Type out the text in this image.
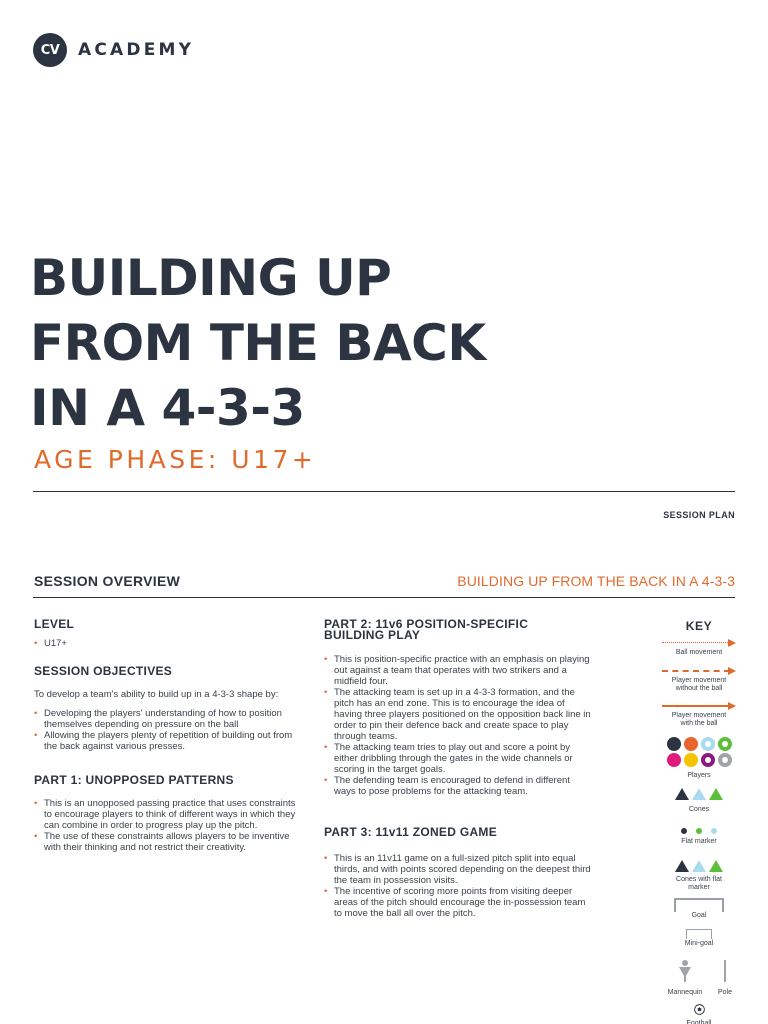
CV	ACADEMY
BUILDING UP
FROM THE BACK
IN A 4-3-3
AGE PHASE: U17+
SESSION PLAN
SESSION OVERVIEW	BUILDING UP FROM THE BACK IN A 4-3-3
LEVEL
• U17+
SESSION OBJECTIVES

To develop a team's ability to build up in a 4-3-3 shape by:

• Developing the players' understanding of how to position themselves depending on pressure on the ball
• Allowing the players plenty of repetition of building out from the back against various presses.
PART 1: UNOPPOSED PATTERNS
• This is an unopposed passing practice that uses constraints to encourage players to think of different ways in which they can combine in order to progress play up the pitch.
• The use of these constraints allows players to be inventive with their thinking and not restrict their creativity.
PART 2: 11v6 POSITION-SPECIFIC BUILDING PLAY
• This is position-specific practice with an emphasis on playing out against a team that operates with two strikers and a midfield four.
• The attacking team is set up in a 4-3-3 formation, and the pitch has an end zone. This is to encourage the idea of having three players positioned on the opposition back line in order to pin their defence back and create space to play through teams.
• The attacking team tries to play out and score a point by either dribbling through the gates in the wide channels or scoring in the target goals.
• The defending team is encouraged to defend in different ways to pose problems for the attacking team.
PART 3: 11v11 ZONED GAME
• This is an 11v11 game on a full-sized pitch split into equal thirds, and with points scored depending on the deepest third the team in possession visits.
• The incentive of scoring more points from visiting deeper areas of the pitch should encourage the in-possession team to move the ball all over the pitch.
KEY
Ball movement
Player movement without the ball
Player movement with the ball
Players
Cones
Flat marker
Cones with flat marker
Goal
Mini-goal
Mannequin	Pole
Football
